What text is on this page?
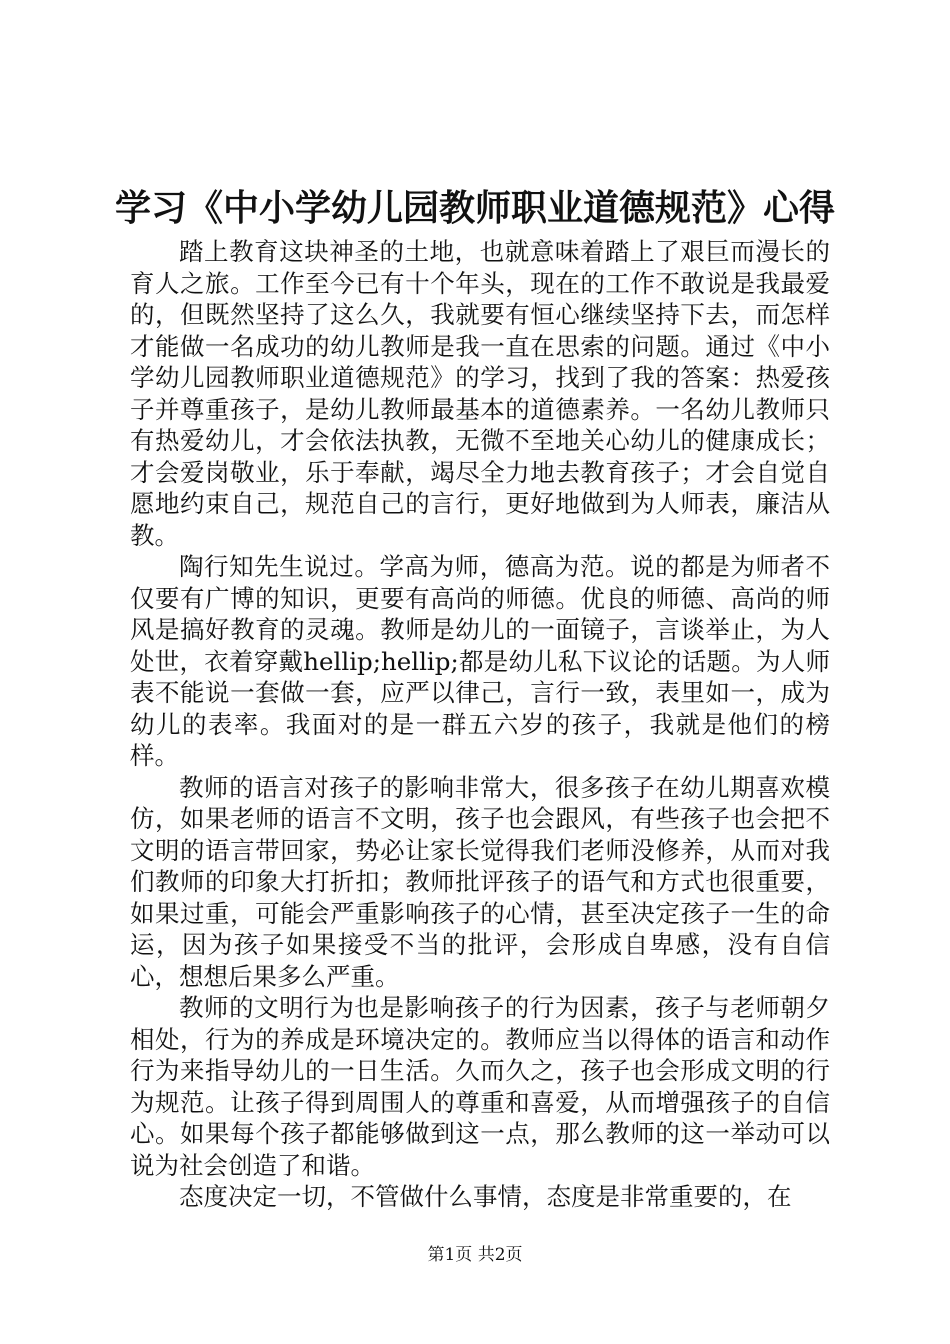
学习《中小学幼儿园教师职业道德规范》心得

踏上教育这块神圣的土地，也就意味着踏上了艰巨而漫长的育人之旅。工作至今已有十个年头，现在的工作不敢说是我最爱的，但既然坚持了这么久，我就要有恒心继续坚持下去，而怎样才能做一名成功的幼儿教师是我一直在思索的问题。通过《中小学幼儿园教师职业道德规范》的学习，找到了我的答案：热爱孩子并尊重孩子，是幼儿教师最基本的道德素养。一名幼儿教师只有热爱幼儿，才会依法执教，无微不至地关心幼儿的健康成长；才会爱岗敬业，乐于奉献，竭尽全力地去教育孩子；才会自觉自愿地约束自己，规范自己的言行，更好地做到为人师表，廉洁从教。

陶行知先生说过。学高为师，德高为范。说的都是为师者不仅要有广博的知识，更要有高尚的师德。优良的师德、高尚的师风是搞好教育的灵魂。教师是幼儿的一面镜子，言谈举止，为人处世，衣着穿戴hellip;hellip;都是幼儿私下议论的话题。为人师表不能说一套做一套，应严以律己，言行一致，表里如一，成为幼儿的表率。我面对的是一群五六岁的孩子，我就是他们的榜样。

教师的语言对孩子的影响非常大，很多孩子在幼儿期喜欢模仿，如果老师的语言不文明，孩子也会跟风，有些孩子也会把不文明的语言带回家，势必让家长觉得我们老师没修养，从而对我们教师的印象大打折扣；教师批评孩子的语气和方式也很重要，如果过重，可能会严重影响孩子的心情，甚至决定孩子一生的命运，因为孩子如果接受不当的批评，会形成自卑感，没有自信心，想想后果多么严重。

教师的文明行为也是影响孩子的行为因素，孩子与老师朝夕相处，行为的养成是环境决定的。教师应当以得体的语言和动作行为来指导幼儿的一日生活。久而久之，孩子也会形成文明的行为规范。让孩子得到周围人的尊重和喜爱，从而增强孩子的自信心。如果每个孩子都能够做到这一点，那么教师的这一举动可以说为社会创造了和谐。

态度决定一切，不管做什么事情，态度是非常重要的，在

第1页 共2页
